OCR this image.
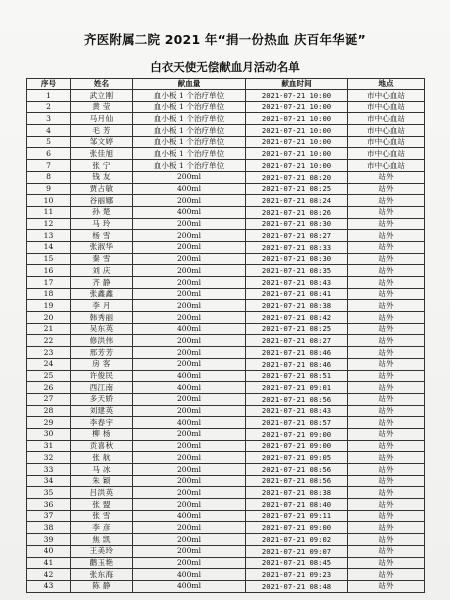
齐医附属二院 2021 年“捐一份热血 庆百年华诞”
白衣天使无偿献血月活动名单
序号	姓名	献血量	献血时间	地点
1	武立刚	血小板 1 个治疗单位	2021-07-21 10:00	市中心血站
2	黄 莹	血小板 1 个治疗单位	2021-07-21 10:00	市中心血站
3	马月仙	血小板 1 个治疗单位	2021-07-21 10:00	市中心血站
4	毛 芳	血小板 1 个治疗单位	2021-07-21 10:00	市中心血站
5	邹文婷	血小板 1 个治疗单位	2021-07-21 10:00	市中心血站
6	张佳旭	血小板 1 个治疗单位	2021-07-21 10:00	市中心血站
7	张 宁	血小板 1 个治疗单位	2021-07-21 10:00	市中心血站
8	钱 友	200ml	2021-07-21 08:20	站外
9	贾占敏	400ml	2021-07-21 08:25	站外
10	谷丽娜	200ml	2021-07-21 08:24	站外
11	孙 楚	400ml	2021-07-21 08:26	站外
12	马 玲	200ml	2021-07-21 08:30	站外
13	杨 雪	200ml	2021-07-21 08:27	站外
14	张淑华	200ml	2021-07-21 08:33	站外
15	秦 雪	200ml	2021-07-21 08:30	站外
16	刘 庆	200ml	2021-07-21 08:35	站外
17	齐 静	200ml	2021-07-21 08:43	站外
18	张鑫鑫	200ml	2021-07-21 08:41	站外
19	李 月	200ml	2021-07-21 08:38	站外
20	韩秀丽	200ml	2021-07-21 08:42	站外
21	吴东英	400ml	2021-07-21 08:25	站外
22	修洪伟	200ml	2021-07-21 08:27	站外
23	邢芳芳	200ml	2021-07-21 08:46	站外
24	房 客	200ml	2021-07-21 08:46	站外
25	许俊民	400ml	2021-07-21 08:51	站外
26	西江南	400ml	2021-07-21 09:01	站外
27	多天娇	200ml	2021-07-21 08:56	站外
28	刘建英	200ml	2021-07-21 08:43	站外
29	李春宇	400ml	2021-07-21 08:57	站外
30	柳 杨	200ml	2021-07-21 09:00	站外
31	贡喜秋	200ml	2021-07-21 09:00	站外
32	张 航	200ml	2021-07-21 09:05	站外
33	马 冰	200ml	2021-07-21 08:56	站外
34	朱 颖	200ml	2021-07-21 08:56	站外
35	吕洪英	200ml	2021-07-21 08:38	站外
36	张 盟	200ml	2021-07-21 08:40	站外
37	张 雪	400ml	2021-07-21 09:11	站外
38	李 彦	200ml	2021-07-21 09:00	站外
39	焦 凯	200ml	2021-07-21 09:02	站外
40	王美玲	200ml	2021-07-21 09:07	站外
41	鹳玉艳	200ml	2021-07-21 08:45	站外
42	张东海	400ml	2021-07-21 09:23	站外
43	陈 静	400ml	2021-07-21 08:48	站外
